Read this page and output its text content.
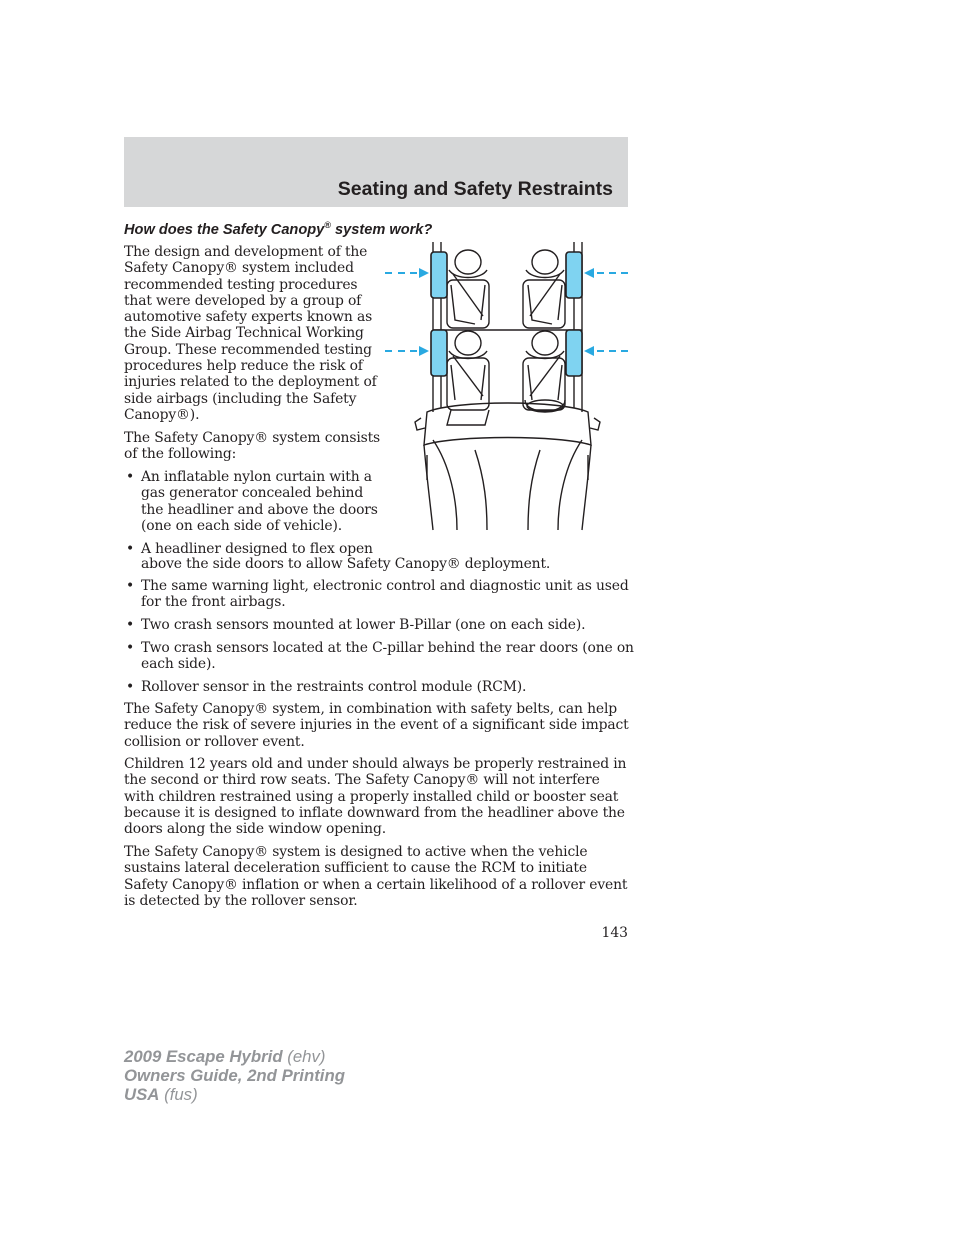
Seating and Safety Restraints
How does the Safety Canopy® system work?

The design and development of the Safety Canopy® system included recommended testing procedures that were developed by a group of automotive safety experts known as the Side Airbag Technical Working Group. These recommended testing procedures help reduce the risk of injuries related to the deployment of side airbags (including the Safety Canopy®).

The Safety Canopy® system consists of the following:

• An inflatable nylon curtain with a gas generator concealed behind the headliner and above the doors (one on each side of vehicle).
• A headliner designed to flex open
above the side doors to allow Safety Canopy® deployment.
• The same warning light, electronic control and diagnostic unit as used for the front airbags.
• Two crash sensors mounted at lower B-Pillar (one on each side).
• Two crash sensors located at the C-pillar behind the rear doors (one on each side).
• Rollover sensor in the restraints control module (RCM).

The Safety Canopy® system, in combination with safety belts, can help reduce the risk of severe injuries in the event of a significant side impact collision or rollover event.

Children 12 years old and under should always be properly restrained in the second or third row seats. The Safety Canopy® will not interfere with children restrained using a properly installed child or booster seat because it is designed to inflate downward from the headliner above the doors along the side window opening.

The Safety Canopy® system is designed to active when the vehicle sustains lateral deceleration sufficient to cause the RCM to initiate Safety Canopy® inflation or when a certain likelihood of a rollover event is detected by the rollover sensor.

143
2009 Escape Hybrid (ehv)
Owners Guide, 2nd Printing
USA (fus)
